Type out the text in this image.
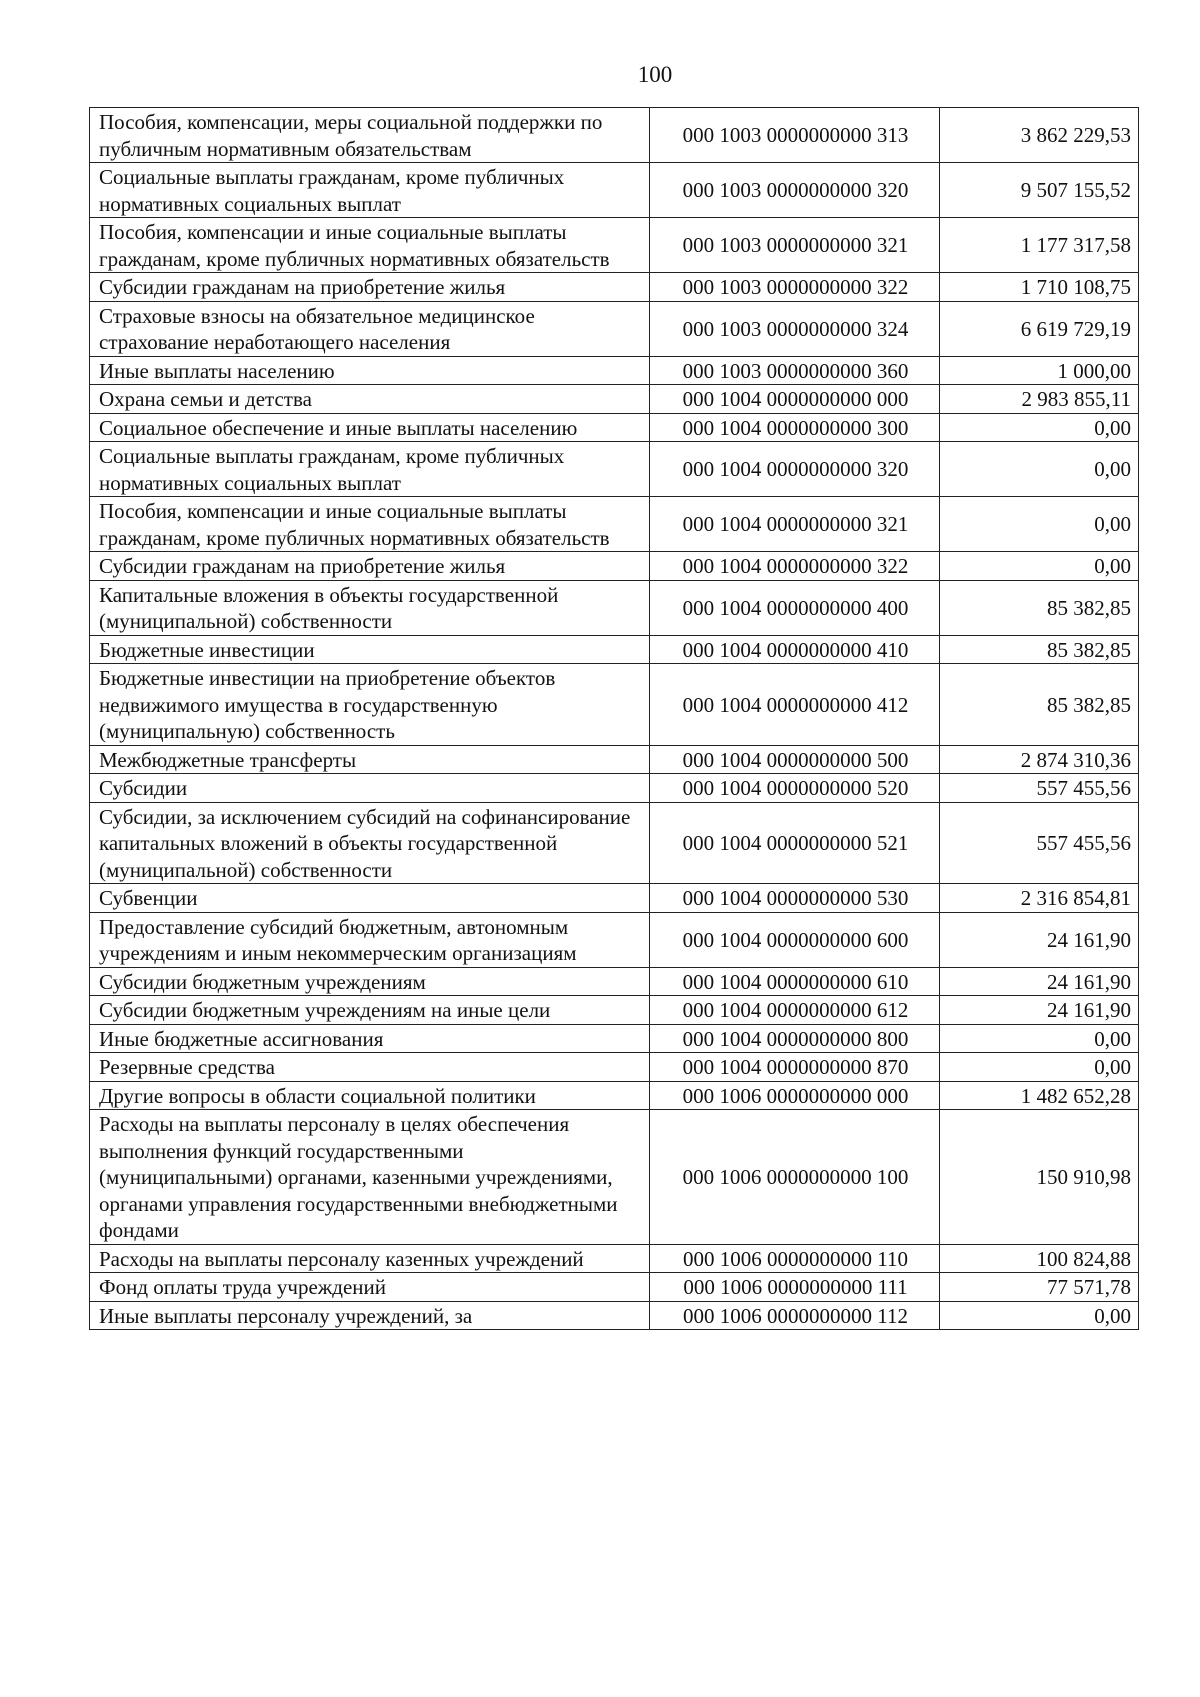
100
Пособия, компенсации, меры социальной поддержки по публичным нормативным обязательствам	000 1003 0000000000 313	3 862 229,53
Социальные выплаты гражданам, кроме публичных нормативных социальных выплат	000 1003 0000000000 320	9 507 155,52
Пособия, компенсации и иные социальные выплаты гражданам, кроме публичных нормативных обязательств	000 1003 0000000000 321	1 177 317,58
Субсидии гражданам на приобретение жилья	000 1003 0000000000 322	1 710 108,75
Страховые взносы на обязательное медицинское страхование неработающего населения	000 1003 0000000000 324	6 619 729,19
Иные выплаты населению	000 1003 0000000000 360	1 000,00
Охрана семьи и детства	000 1004 0000000000 000	2 983 855,11
Социальное обеспечение и иные выплаты населению	000 1004 0000000000 300	0,00
Социальные выплаты гражданам, кроме публичных нормативных социальных выплат	000 1004 0000000000 320	0,00
Пособия, компенсации и иные социальные выплаты гражданам, кроме публичных нормативных обязательств	000 1004 0000000000 321	0,00
Субсидии гражданам на приобретение жилья	000 1004 0000000000 322	0,00
Капитальные вложения в объекты государственной (муниципальной) собственности	000 1004 0000000000 400	85 382,85
Бюджетные инвестиции	000 1004 0000000000 410	85 382,85
Бюджетные инвестиции на приобретение объектов недвижимого имущества в государственную (муниципальную) собственность	000 1004 0000000000 412	85 382,85
Межбюджетные трансферты	000 1004 0000000000 500	2 874 310,36
Субсидии	000 1004 0000000000 520	557 455,56
Субсидии, за исключением субсидий на софинансирование капитальных вложений в объекты государственной (муниципальной) собственности	000 1004 0000000000 521	557 455,56
Субвенции	000 1004 0000000000 530	2 316 854,81
Предоставление субсидий бюджетным, автономным учреждениям и иным некоммерческим организациям	000 1004 0000000000 600	24 161,90
Субсидии бюджетным учреждениям	000 1004 0000000000 610	24 161,90
Субсидии бюджетным учреждениям на иные цели	000 1004 0000000000 612	24 161,90
Иные бюджетные ассигнования	000 1004 0000000000 800	0,00
Резервные средства	000 1004 0000000000 870	0,00
Другие вопросы в области социальной политики	000 1006 0000000000 000	1 482 652,28
Расходы на выплаты персоналу в целях обеспечения выполнения функций государственными (муниципальными) органами, казенными учреждениями, органами управления государственными внебюджетными фондами	000 1006 0000000000 100	150 910,98
Расходы на выплаты персоналу казенных учреждений	000 1006 0000000000 110	100 824,88
Фонд оплаты труда учреждений	000 1006 0000000000 111	77 571,78
Иные выплаты персоналу учреждений, за	000 1006 0000000000 112	0,00
